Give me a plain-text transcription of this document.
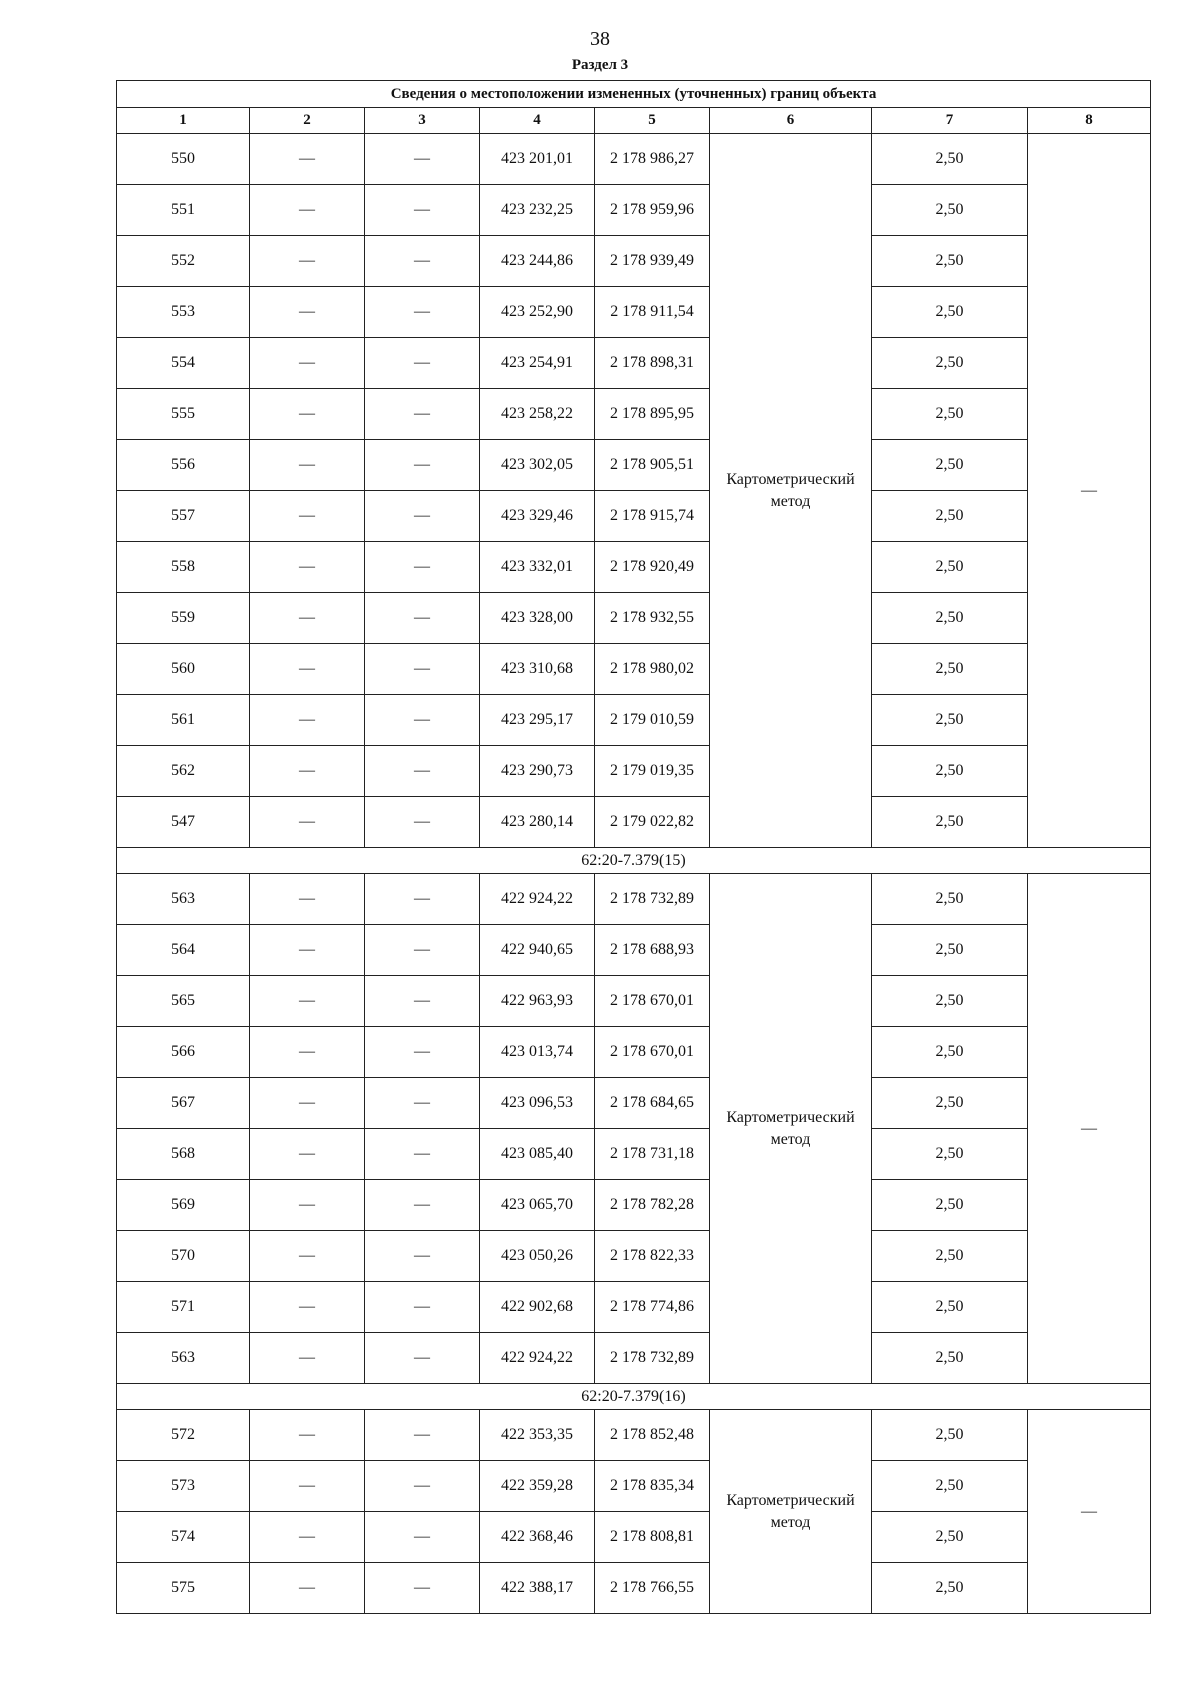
38
Раздел 3
Сведения о местоположении измененных (уточненных) границ объекта							
1	2	3	4	5	6	7	8
550	—	—	423 201,01	2 178 986,27	Картометрический метод	2,50	—
551	—	—	423 232,25	2 178 959,96		2,50	
552	—	—	423 244,86	2 178 939,49		2,50	
553	—	—	423 252,90	2 178 911,54		2,50	
554	—	—	423 254,91	2 178 898,31		2,50	
555	—	—	423 258,22	2 178 895,95		2,50	
556	—	—	423 302,05	2 178 905,51		2,50	
557	—	—	423 329,46	2 178 915,74		2,50	
558	—	—	423 332,01	2 178 920,49		2,50	
559	—	—	423 328,00	2 178 932,55		2,50	
560	—	—	423 310,68	2 178 980,02		2,50	
561	—	—	423 295,17	2 179 010,59		2,50	
562	—	—	423 290,73	2 179 019,35		2,50	
547	—	—	423 280,14	2 179 022,82		2,50	
62:20-7.379(15)							
563	—	—	422 924,22	2 178 732,89	Картометрический метод	2,50	—
564	—	—	422 940,65	2 178 688,93		2,50	
565	—	—	422 963,93	2 178 670,01		2,50	
566	—	—	423 013,74	2 178 670,01		2,50	
567	—	—	423 096,53	2 178 684,65		2,50	
568	—	—	423 085,40	2 178 731,18		2,50	
569	—	—	423 065,70	2 178 782,28		2,50	
570	—	—	423 050,26	2 178 822,33		2,50	
571	—	—	422 902,68	2 178 774,86		2,50	
563	—	—	422 924,22	2 178 732,89		2,50	
62:20-7.379(16)							
572	—	—	422 353,35	2 178 852,48	Картометрический метод	2,50	—
573	—	—	422 359,28	2 178 835,34		2,50	
574	—	—	422 368,46	2 178 808,81		2,50	
575	—	—	422 388,17	2 178 766,55		2,50	
